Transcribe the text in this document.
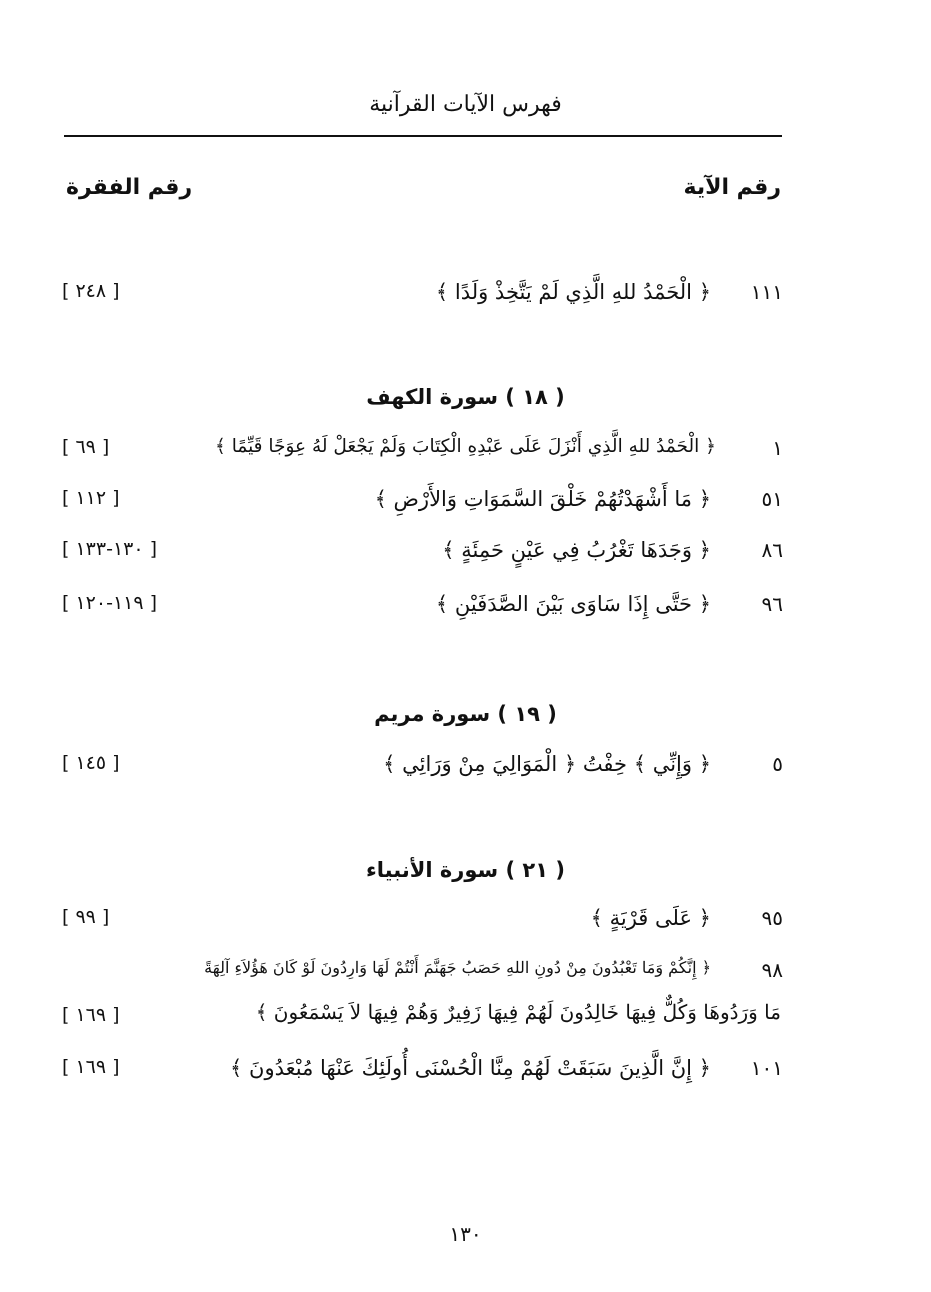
فهرس الآيات القرآنية
رقم الآية
رقم الفقرة
١١١
﴿ الْحَمْدُ للهِ الَّذِي لَمْ يَتَّخِذْ وَلَدًا ﴾
[ ٢٤٨ ]
( ١٨ ) سورة الكهف
١
﴿ الْحَمْدُ للهِ الَّذِي أَنْزَلَ عَلَى عَبْدِهِ الْكِتَابَ وَلَمْ يَجْعَلْ لَهُ عِوَجًا قَيِّمًا ﴾
[ ٦٩ ]
٥١
﴿ مَا أَشْهَدْتُهُمْ خَلْقَ السَّمَوَاتِ وَالأَرْضِ ﴾
[ ١١٢ ]
٨٦
﴿ وَجَدَهَا تَغْرُبُ فِي عَيْنٍ حَمِئَةٍ ﴾
[ ١٣٠-١٣٣ ]
٩٦
﴿ حَتَّى إِذَا سَاوَى بَيْنَ الصَّدَفَيْنِ ﴾
[ ١١٩-١٢٠ ]
( ١٩ ) سورة مريم
٥
﴿ وَإِنِّي ﴾ خِفْتُ ﴿ الْمَوَالِيَ مِنْ وَرَائِي ﴾
[ ١٤٥ ]
( ٢١ ) سورة الأنبياء
٩٥
﴿ عَلَى قَرْيَةٍ ﴾
[ ٩٩ ]
٩٨
﴿ إِنَّكُمْ وَمَا تَعْبُدُونَ مِنْ دُونِ اللهِ حَصَبُ جَهَنَّمَ أَنْتُمْ لَهَا وَارِدُونَ لَوْ كَانَ هَؤُلاَءِ آلِهَةً
مَا وَرَدُوهَا وَكُلٌّ فِيهَا خَالِدُونَ لَهُمْ فِيهَا زَفِيرٌ وَهُمْ فِيهَا لاَ يَسْمَعُونَ ﴾
[ ١٦٩ ]
١٠١
﴿ إِنَّ الَّذِينَ سَبَقَتْ لَهُمْ مِنَّا الْحُسْنَى أُولَئِكَ عَنْهَا مُبْعَدُونَ ﴾
[ ١٦٩ ]
١٣٠
